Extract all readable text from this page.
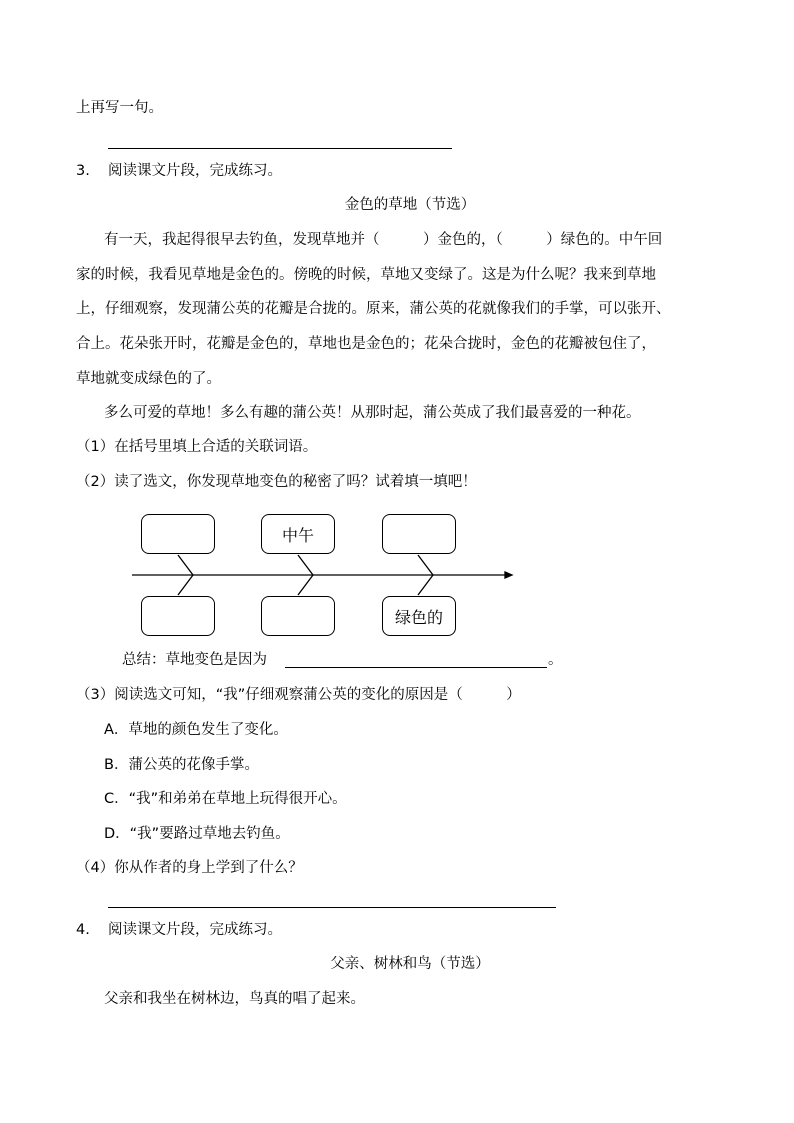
上再写一句。
3. 阅读课文片段，完成练习。
金色的草地（节选）
有一天，我起得很早去钓鱼，发现草地并（　　　）金色的，（　　　）绿色的。中午回
家的时候，我看见草地是金色的。傍晚的时候，草地又变绿了。这是为什么呢？我来到草地
上，仔细观察，发现蒲公英的花瓣是合拢的。原来，蒲公英的花就像我们的手掌，可以张开、
合上。花朵张开时，花瓣是金色的，草地也是金色的；花朵合拢时，金色的花瓣被包住了，
草地就变成绿色的了。
多么可爱的草地！多么有趣的蒲公英！从那时起，蒲公英成了我们最喜爱的一种花。
（1）在括号里填上合适的关联词语。
（2）读了选文，你发现草地变色的秘密了吗？试着填一填吧！
中午
绿色的
总结：草地变色是因为	。
（3）阅读选文可知，“我”仔细观察蒲公英的变化的原因是（　　　）
A．草地的颜色发生了变化。
B．蒲公英的花像手掌。
C．“我”和弟弟在草地上玩得很开心。
D．“我”要路过草地去钓鱼。
（4）你从作者的身上学到了什么？
4. 阅读课文片段，完成练习。
父亲、树林和鸟（节选）
父亲和我坐在树林边，鸟真的唱了起来。
